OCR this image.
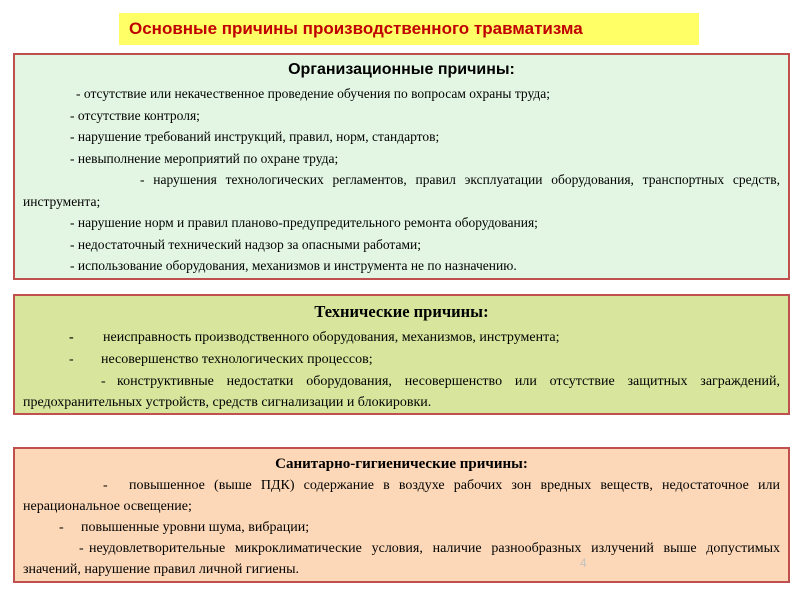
Основные причины производственного травматизма
Организационные причины:
- отсутствие или некачественное проведение обучения по вопросам охраны труда;
- отсутствие контроля;
- нарушение требований инструкций, правил, норм, стандартов;
- невыполнение мероприятий по охране труда;
- нарушения технологических регламентов, правил эксплуатации оборудования, транспортных средств, инструмента;
- нарушение норм и правил планово-предупредительного ремонта оборудования;
- недостаточный технический надзор за опасными работами;
- использование оборудования, механизмов и инструмента не по назначению.
Технические причины:
- неисправность производственного оборудования, механизмов, инструмента;
- несовершенство технологических процессов;
- конструктивные недостатки оборудования, несовершенство или отсутствие защитных заграждений, предохранительных устройств, средств сигнализации и блокировки.
Санитарно-гигиенические причины:
- повышенное (выше ПДК) содержание в воздухе рабочих зон вредных веществ, недостаточное или нерациональное освещение;
- повышенные уровни шума, вибрации;
- неудовлетворительные микроклиматические условия, наличие разнообразных излучений выше допустимых значений, нарушение правил личной гигиены.	4
